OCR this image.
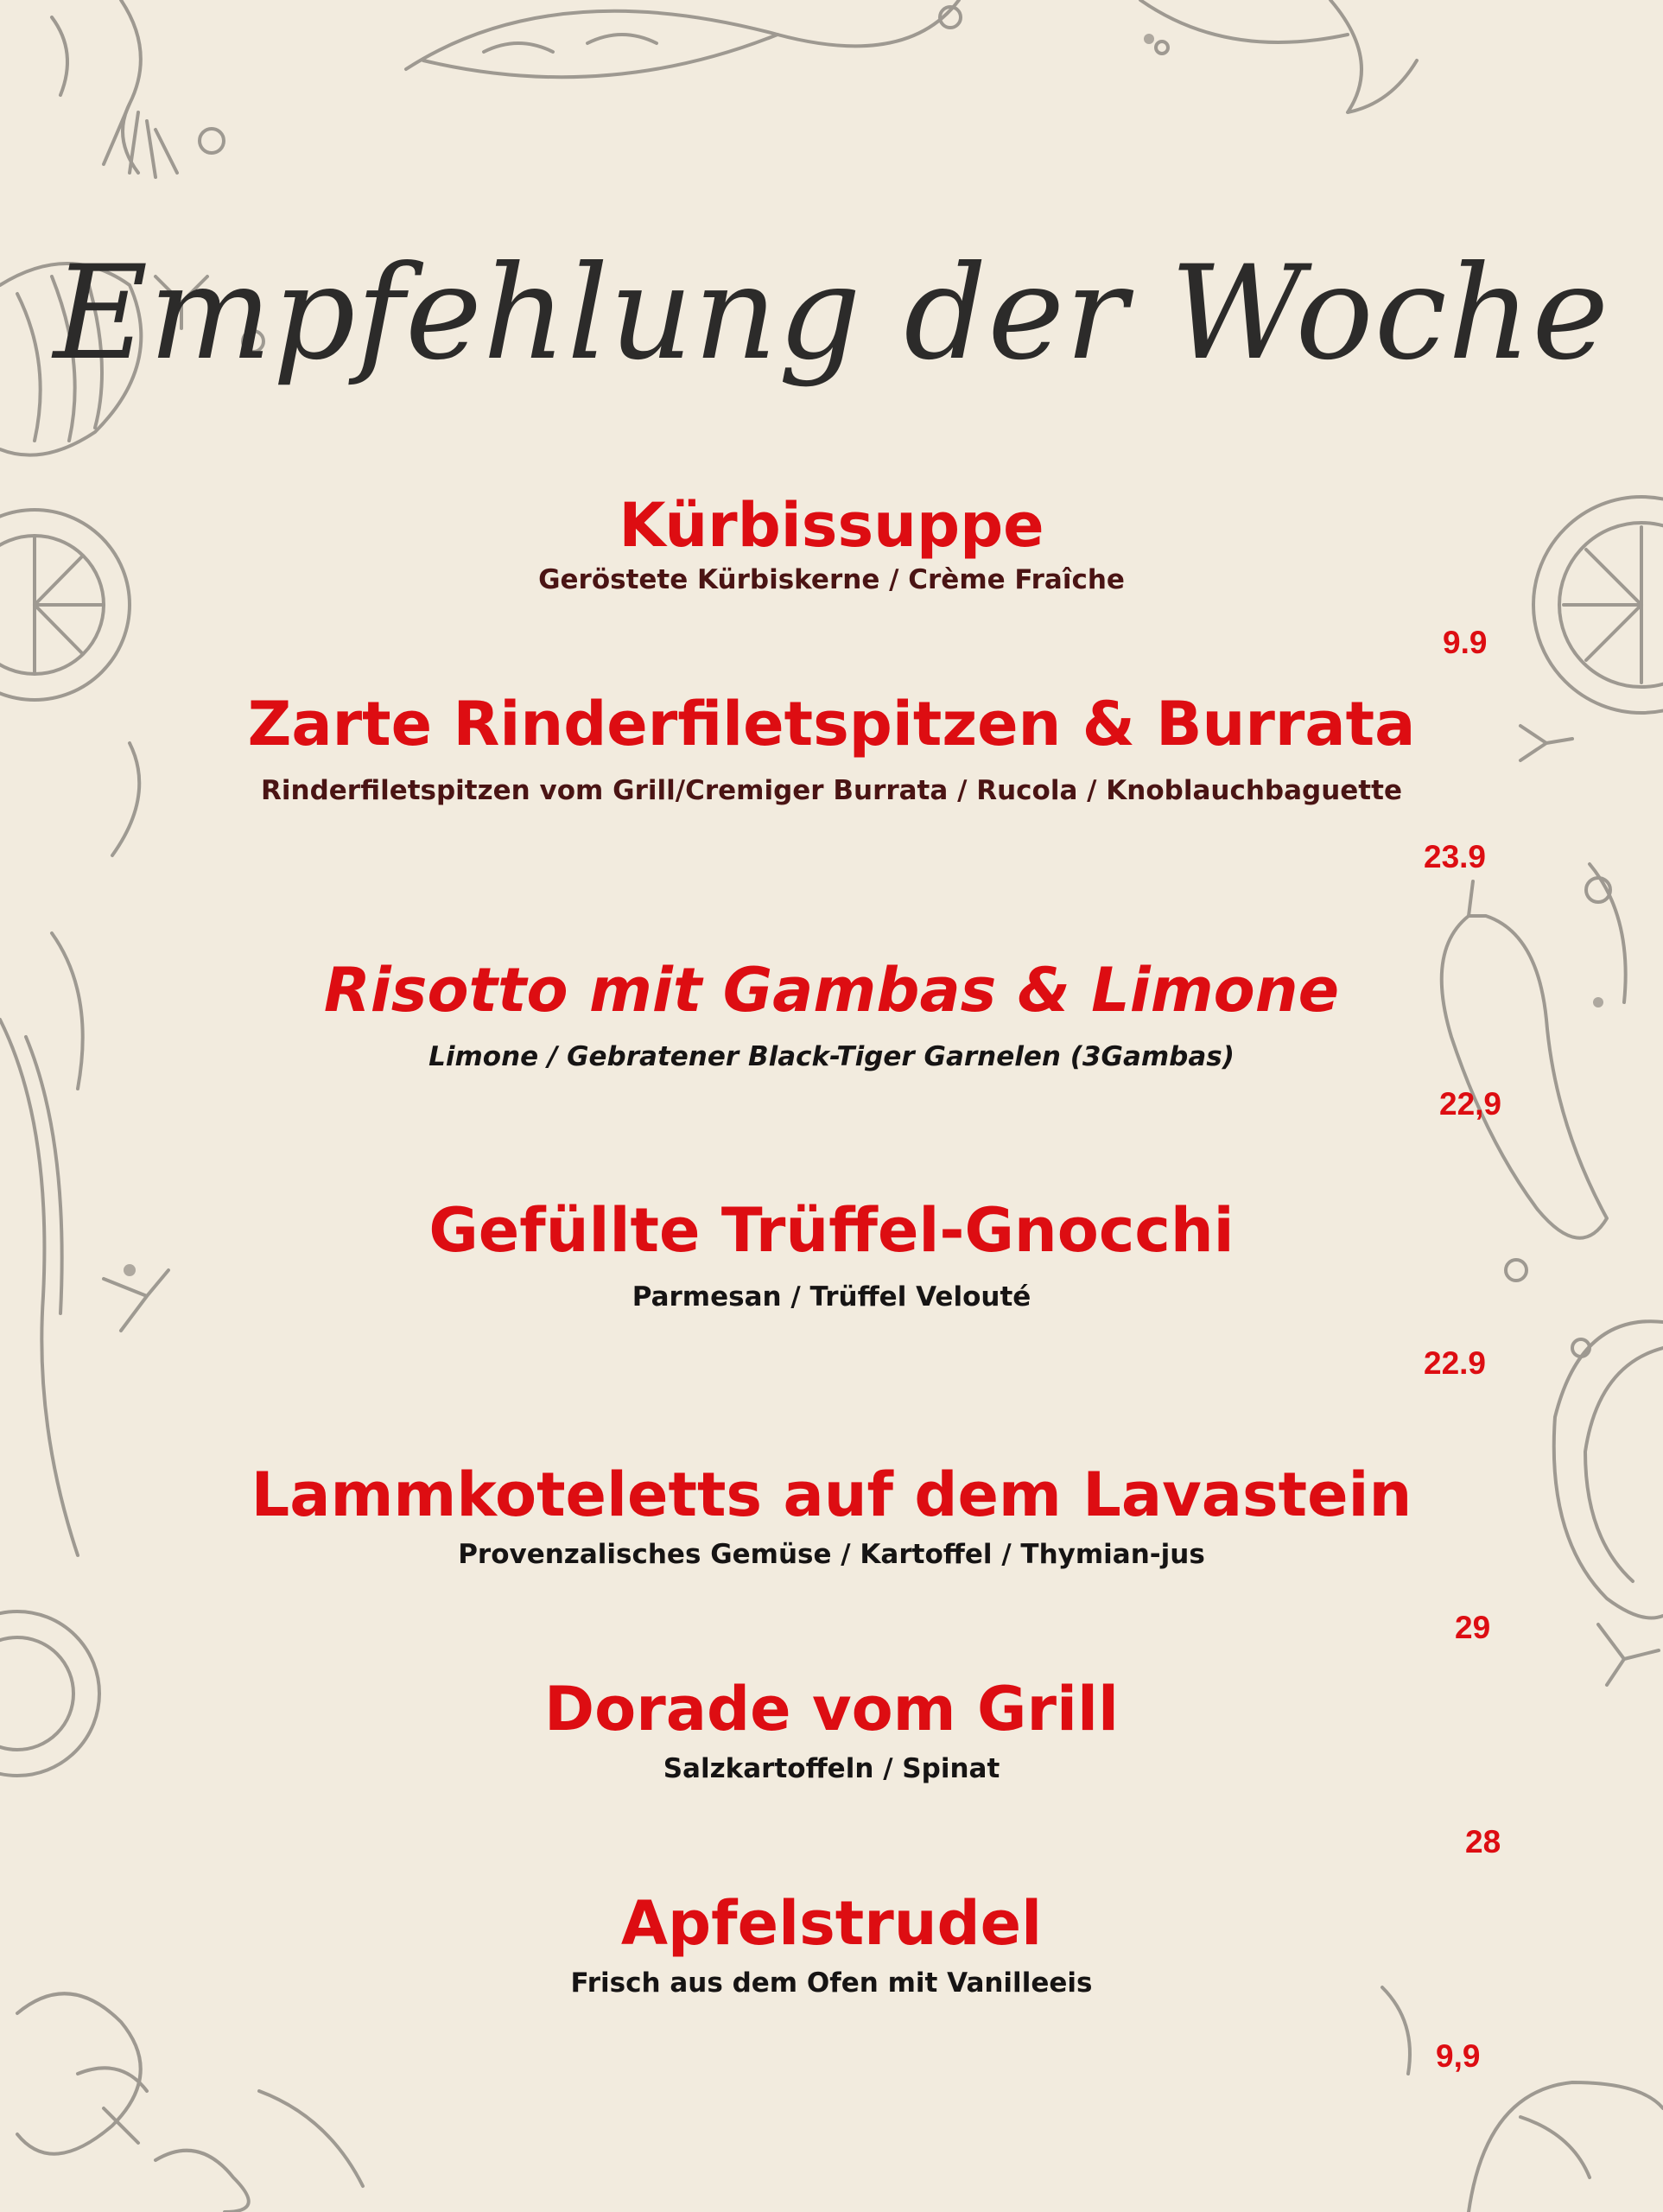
Empfehlung der Woche
Kürbissuppe
Geröstete Kürbiskerne / Crème Fraîche
9.9
Zarte Rinderfiletspitzen & Burrata
Rinderfiletspitzen vom Grill/Cremiger Burrata / Rucola / Knoblauchbaguette
23.9
Risotto mit Gambas & Limone
Limone / Gebratener Black-Tiger Garnelen (3Gambas)
22,9
Gefüllte Trüffel-Gnocchi
Parmesan / Trüffel Velouté
22.9
Lammkoteletts auf dem Lavastein
Provenzalisches Gemüse / Kartoffel / Thymian-jus
29
Dorade vom Grill
Salzkartoffeln / Spinat
28
Apfelstrudel
Frisch aus dem Ofen mit Vanilleeis
9,9
